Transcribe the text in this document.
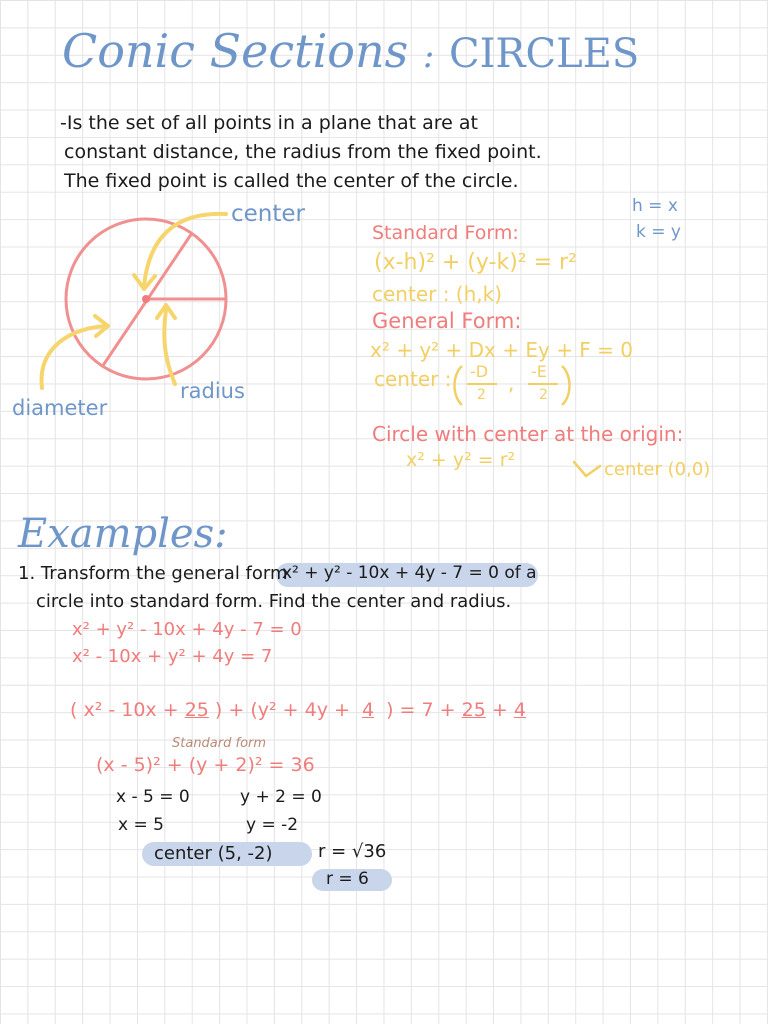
Conic Sections : CIRCLES
-Is the set of all points in a plane that are at
constant distance, the radius from the fixed point.
The fixed point is called the center of the circle.
center
diameter
radius
h = x
k = y
Standard Form:
(x-h)² + (y-k)² = r²
center : (h,k)
General Form:
x² + y² + Dx + Ey + F = 0
center : -D
2 , -E
2
Circle with center at the origin:
x² + y² = r²	center (0,0)
Examples:
1. Transform the general form
x² + y² - 10x + 4y - 7 = 0 of a
circle into standard form. Find the center and radius.
x² + y² - 10x + 4y - 7 = 0
x² - 10x + y² + 4y = 7
( x² - 10x + 25 ) + (y² + 4y + 4 ) = 7 + 25 + 4
Standard form
(x - 5)² + (y + 2)² = 36
x - 5 = 0
x = 5
y + 2 = 0
y = -2
center (5, -2)	r = √36
r = 6
